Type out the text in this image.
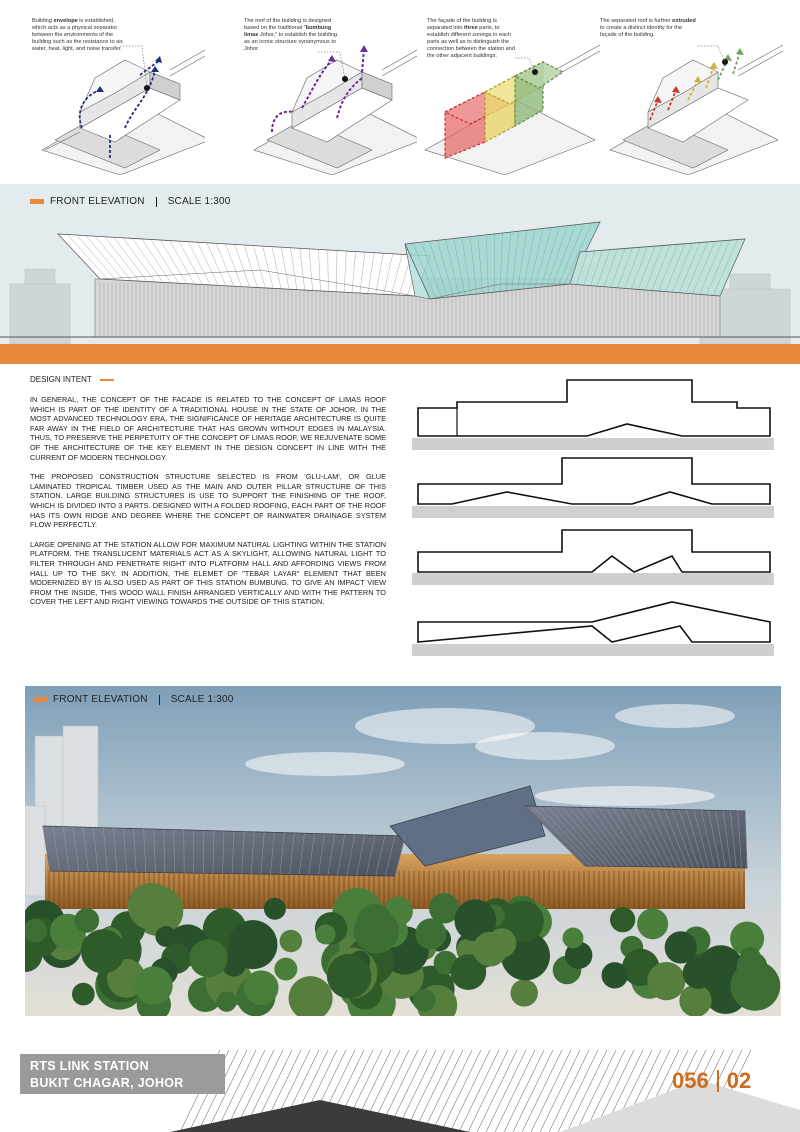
Building envelope is established, which acts as a physical separator between the environments of the building such as the resistance to air, water, heat, light, and noise transfer.
The roof of the building is designed based on the traditional "bumbung limas Johor," to establish the building as an iconic structure synanymous to Johor.
The façade of the building is separated into three parts, to establish different zonings in each parts as well as to distinguish the connection between the station and the other adjacent buildings.
The separated roof is further extruded to create a distinct identity for the façade of the building.
FRONT ELEVATION SCALE 1:300
DESIGN INTENT

IN GENERAL, THE CONCEPT OF THE FACADE IS RELATED TO THE CONCEPT OF LIMAS ROOF WHICH IS PART OF THE IDENTITY OF A TRADITIONAL HOUSE IN THE STATE OF JOHOR. IN THE MOST ADVANCED TECHNOLOGY ERA, THE SIGNIFICANCE OF HERITAGE ARCHITECTURE IS QUITE FAR AWAY IN THE FIELD OF ARCHITECTURE THAT HAS GROWN WITHOUT EDGES IN MALAYSIA. THUS, TO PRESERVE THE PERPETUITY OF THE CONCEPT OF LIMAS ROOF, WE REJUVENATE SOME OF THE ARCHITECTURE OF THE KEY ELEMENT IN THE DESIGN CONCEPT IN LINE WITH THE CURRENT OF MODERN TECHNOLOGY.

THE PROPOSED CONSTRUCTION STRUCTURE SELECTED IS FROM 'GLU-LAM', OR GLUE LAMINATED TROPICAL TIMBER USED AS THE MAIN AND OUTER PILLAR STRUCTURE OF THIS STATION. LARGE BUILDING STRUCTURES IS USE TO SUPPORT THE FINISHING OF THE ROOF, WHICH IS DIVIDED INTO 3 PARTS. DESIGNED WITH A FOLDED ROOFING, EACH PART OF THE ROOF HAS ITS OWN RIDGE AND DEGREE WHERE THE CONCEPT OF RAINWATER DRAINAGE SYSTEM FLOW PERFECTLY.

LARGE OPENING AT THE STATION ALLOW FOR MAXIMUM NATURAL LIGHTING WITHIN THE STATION PLATFORM. THE TRANSLUCENT MATERIALS ACT AS A SKYLIGHT, ALLOWING NATURAL LIGHT TO FILTER THROUGH AND PENETRATE RIGHT INTO PLATFORM HALL AND AFFORDING VIEWS FROM HALL UP TO THE SKY. IN ADDITION, THE ELEMET OF "TEBAR LAYAR" ELEMENT THAT BEEN MODERNIZED BY IS ALSO USED AS PART OF THIS STATION BUMBUNG. TO GIVE AN IMPACT VIEW FROM THE INSIDE, THIS WOOD WALL FINISH ARRANGED VERTICALLY AND WITH THE PATTERN TO COVER THE LEFT AND RIGHT VIEWING TOWARDS THE OUTSIDE OF THIS STATION.

FRONT ELEVATION SCALE 1:300
RTS LINK STATION
BUKIT CHAGAR, JOHOR	056 02
